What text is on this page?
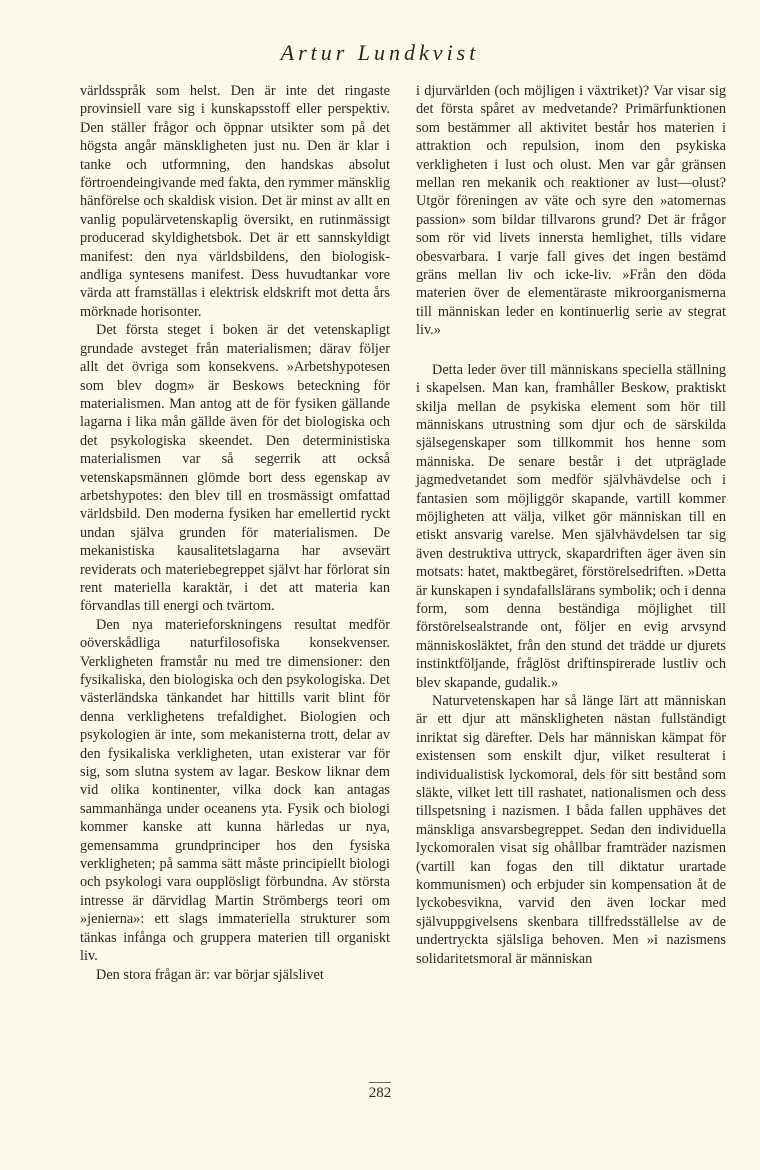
Artur Lundkvist

världsspråk som helst. Den är inte det ringaste provinsiell vare sig i kunskapsstoff eller perspektiv. Den ställer frågor och öppnar utsikter som på det högsta angår mänskligheten just nu. Den är klar i tanke och utformning, den handskas absolut förtroendeingivande med fakta, den rymmer mänsklig hänförelse och skaldisk vision. Det är minst av allt en vanlig populärvetenskaplig översikt, en rutinmässigt producerad skyldighetsbok. Det är ett sannskyldigt manifest: den nya världsbildens, den biologisk-andliga syntesens manifest. Dess huvudtankar vore värda att framställas i elektrisk eldskrift mot detta års mörknade horisonter.

Det första steget i boken är det vetenskapligt grundade avsteget från materialismen; därav följer allt det övriga som konsekvens. »Arbetshypotesen som blev dogm» är Beskows beteckning för materialismen. Man antog att de för fysiken gällande lagarna i lika mån gällde även för det biologiska och det psykologiska skeendet. Den deterministiska materialismen var så segerrik att också vetenskapsmännen glömde bort dess egenskap av arbetshypotes: den blev till en trosmässigt omfattad världsbild. Den moderna fysiken har emellertid ryckt undan själva grunden för materialismen. De mekanistiska kausalitetslagarna har avsevärt reviderats och materiebegreppet självt har förlorat sin rent materiella karaktär, i det att materia kan förvandlas till energi och tvärtom.

Den nya materieforskningens resultat medför oöverskådliga naturfilosofiska konsekvenser. Verkligheten framstår nu med tre dimensioner: den fysikaliska, den biologiska och den psykologiska. Det västerländska tänkandet har hittills varit blint för denna verklighetens trefaldighet. Biologien och psykologien är inte, som mekanisterna trott, delar av den fysikaliska verkligheten, utan existerar var för sig, som slutna system av lagar. Beskow liknar dem vid olika kontinenter, vilka dock kan antagas sammanhänga under oceanens yta. Fysik och biologi kommer kanske att kunna härledas ur nya, gemensamma grundprinciper hos den fysiska verkligheten; på samma sätt måste principiellt biologi och psykologi vara oupplösligt förbundna. Av största intresse är därvidlag Martin Strömbergs teori om »jenierna»: ett slags immateriella strukturer som tänkas infånga och gruppera materien till organiskt liv.

Den stora frågan är: var börjar själslivet

i djurvärlden (och möjligen i växtriket)? Var visar sig det första spåret av medvetande? Primärfunktionen som bestämmer all aktivitet består hos materien i attraktion och repulsion, inom den psykiska verkligheten i lust och olust. Men var går gränsen mellan ren mekanik och reaktioner av lust—olust? Utgör föreningen av väte och syre den »atomernas passion» som bildar tillvarons grund? Det är frågor som rör vid livets innersta hemlighet, tills vidare obesvarbara. I varje fall gives det ingen bestämd gräns mellan liv och icke-liv. »Från den döda materien över de elementäraste mikroorganismerna till människan leder en kontinuerlig serie av stegrat liv.»

Detta leder över till människans speciella ställning i skapelsen. Man kan, framhåller Beskow, praktiskt skilja mellan de psykiska element som hör till människans utrustning som djur och de särskilda själsegenskaper som tillkommit hos henne som människa. De senare består i det utpräglade jagmedvetandet som medför självhävdelse och i fantasien som möjliggör skapande, vartill kommer möjligheten att välja, vilket gör människan till en etiskt ansvarig varelse. Men självhävdelsen tar sig även destruktiva uttryck, skapardriften äger även sin motsats: hatet, maktbegäret, förstörelsedriften. »Detta är kunskapen i syndafallslärans symbolik; och i denna form, som denna beständiga möjlighet till förstörelsealstrande ont, följer en evig arvsynd människosläktet, från den stund det trädde ur djurets instinktföljande, fråglöst driftinspirerade lustliv och blev skapande, gudalik.»

Naturvetenskapen har så länge lärt att människan är ett djur att mänskligheten nästan fullständigt inriktat sig därefter. Dels har människan kämpat för existensen som enskilt djur, vilket resulterat i individualistisk lyckomoral, dels för sitt bestånd som släkte, vilket lett till rashatet, nationalismen och dess tillspetsning i nazismen. I båda fallen upphäves det mänskliga ansvarsbegreppet. Sedan den individuella lyckomoralen visat sig ohållbar framträder nazismen (vartill kan fogas den till diktatur urartade kommunismen) och erbjuder sin kompensation åt de lyckobesvikna, varvid den även lockar med självuppgivelsens skenbara tillfredsställelse av de undertryckta själsliga behoven. Men »i nazismens solidaritetsmoral är människan

282
